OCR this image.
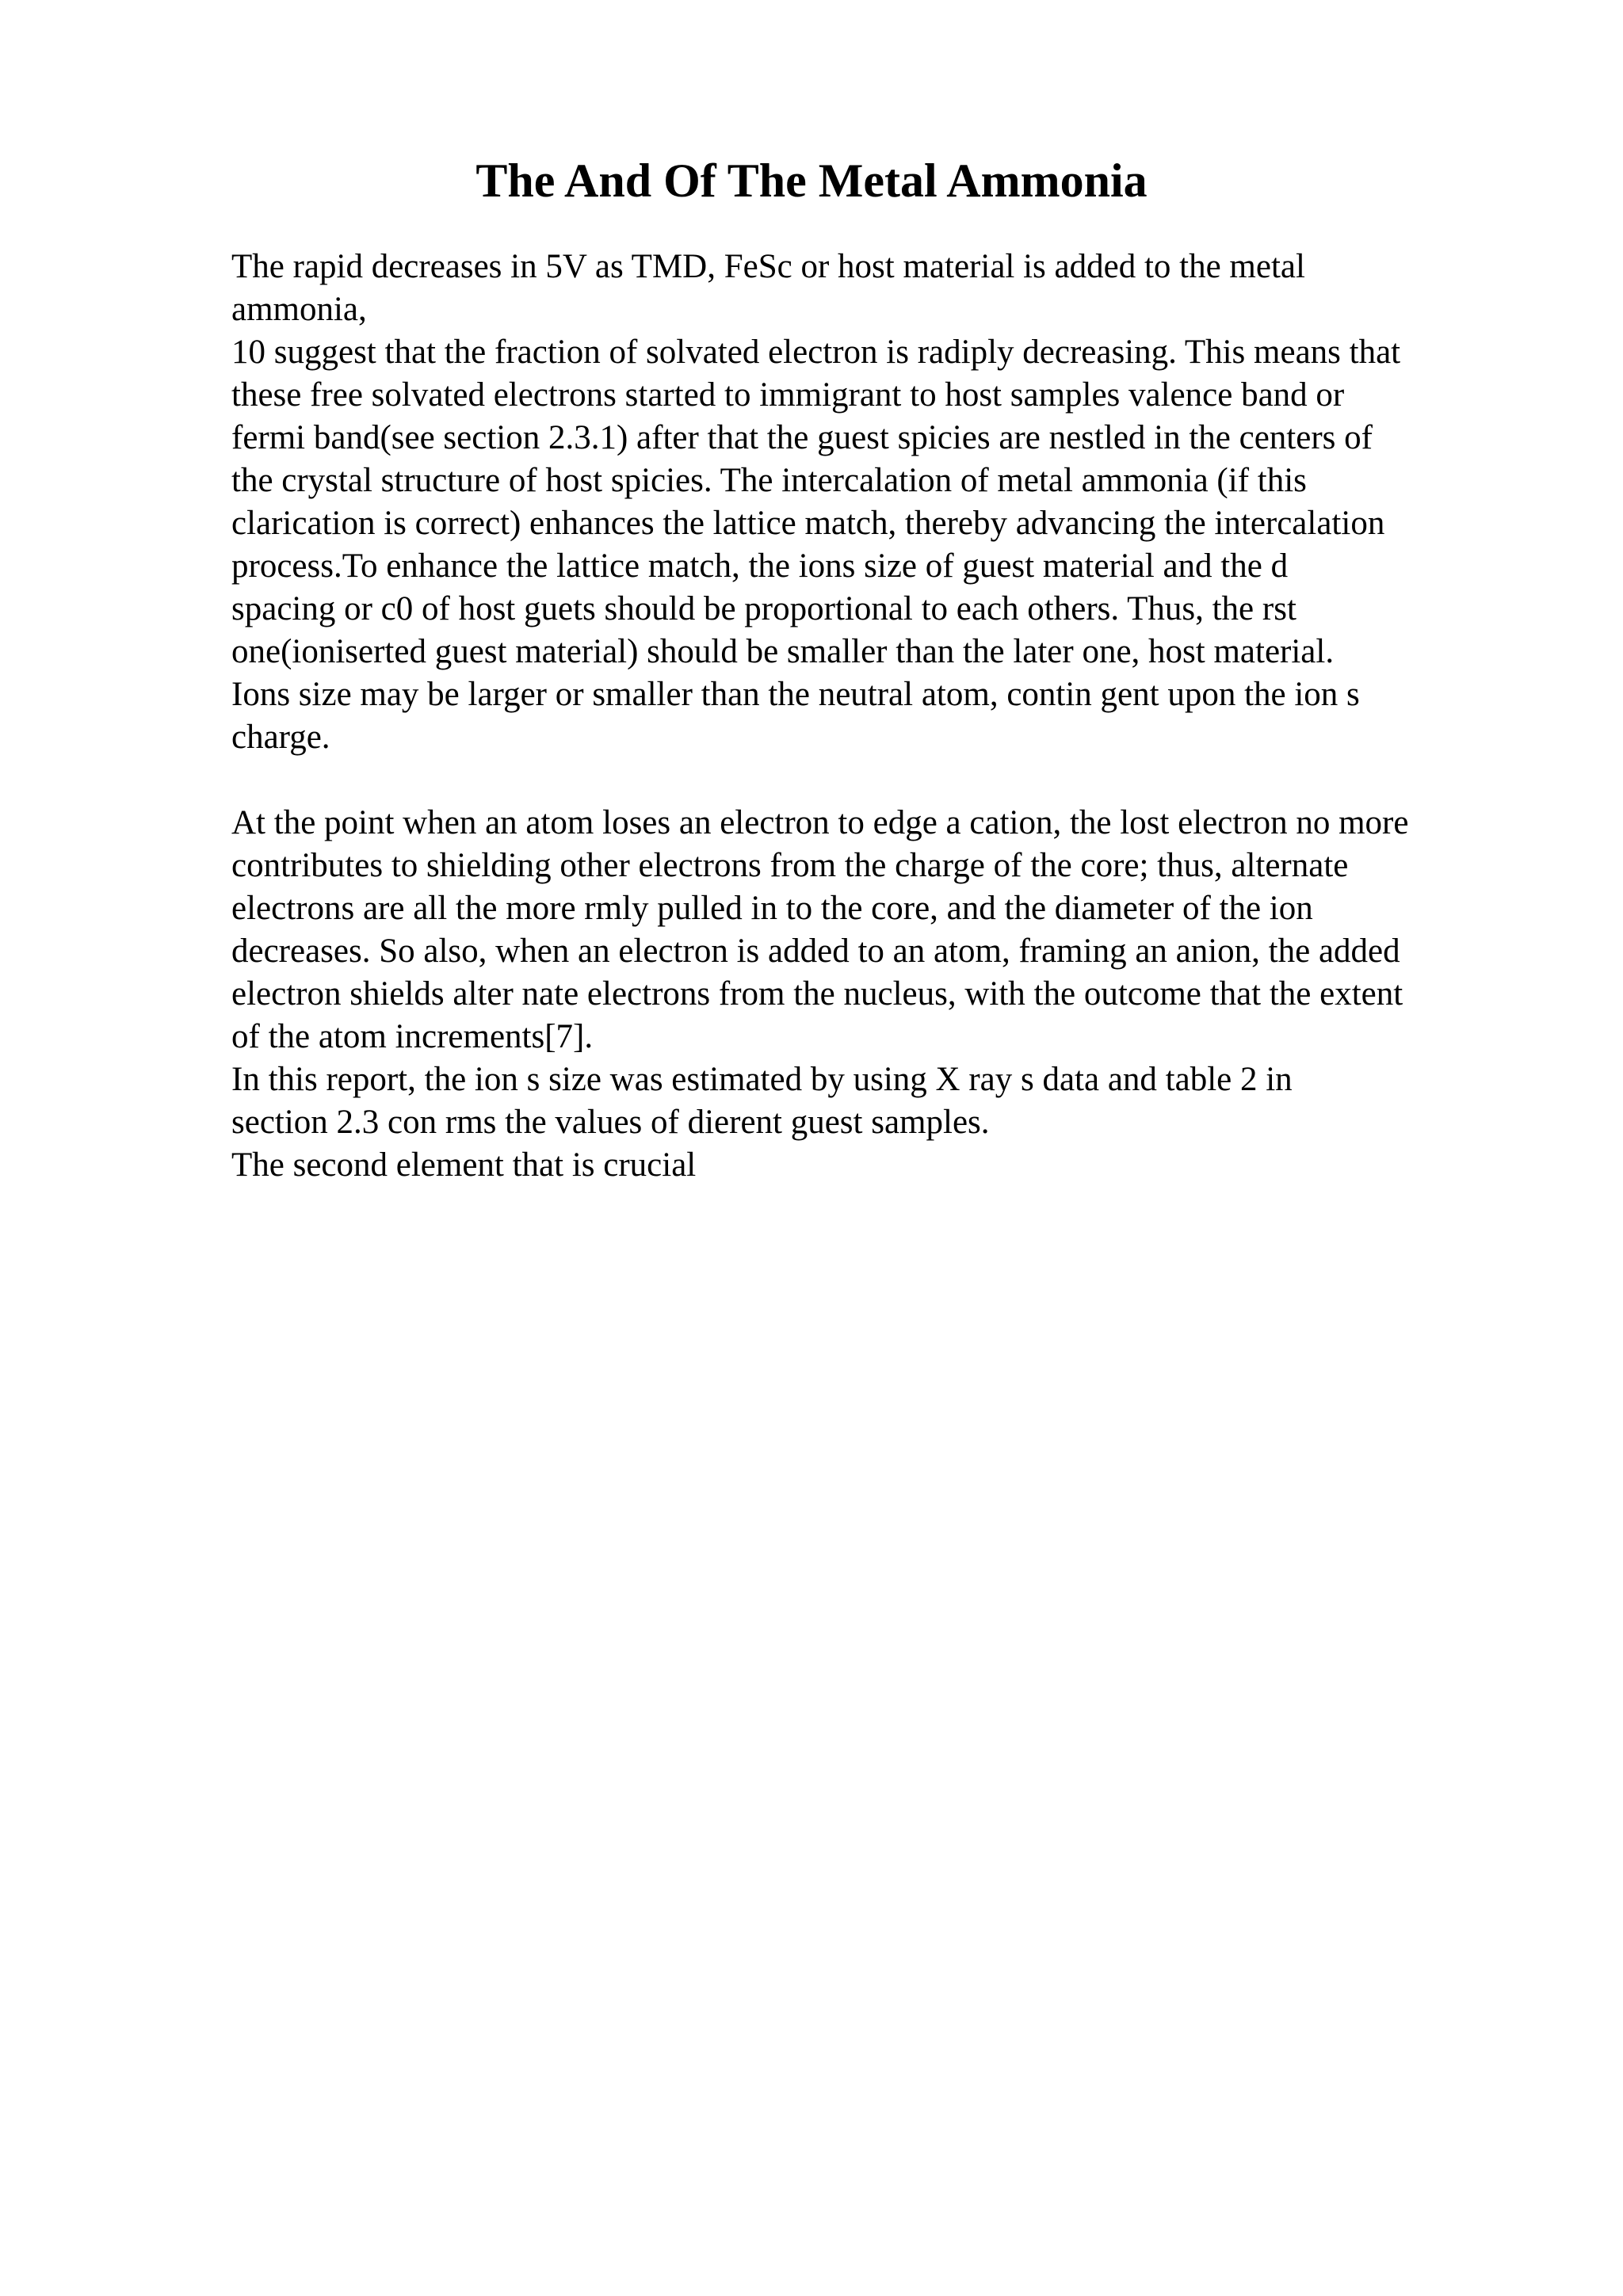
The And Of The Metal Ammonia
The rapid decreases in 5V as TMD, FeSc or host material is added to the metal
ammonia,
10 suggest that the fraction of solvated electron is radiply decreasing. This means that
these free solvated electrons started to immigrant to host samples valence band or
fermi band(see section 2.3.1) after that the guest spicies are nestled in the centers of
the crystal structure of host spicies. The intercalation of metal ammonia (if this
clarication is correct) enhances the lattice match, thereby advancing the intercalation
process.To enhance the lattice match, the ions size of guest material and the d
spacing or c0 of host guets should be proportional to each others. Thus, the rst
one(ioniserted guest material) should be smaller than the later one, host material.
Ions size may be larger or smaller than the neutral atom, contin gent upon the ion s
charge.
At the point when an atom loses an electron to edge a cation, the lost electron no more
contributes to shielding other electrons from the charge of the core; thus, alternate
electrons are all the more rmly pulled in to the core, and the diameter of the ion
decreases. So also, when an electron is added to an atom, framing an anion, the added
electron shields alter nate electrons from the nucleus, with the outcome that the extent
of the atom increments[7].
In this report, the ion s size was estimated by using X ray s data and table 2 in
section 2.3 con rms the values of dierent guest samples.
The second element that is crucial
